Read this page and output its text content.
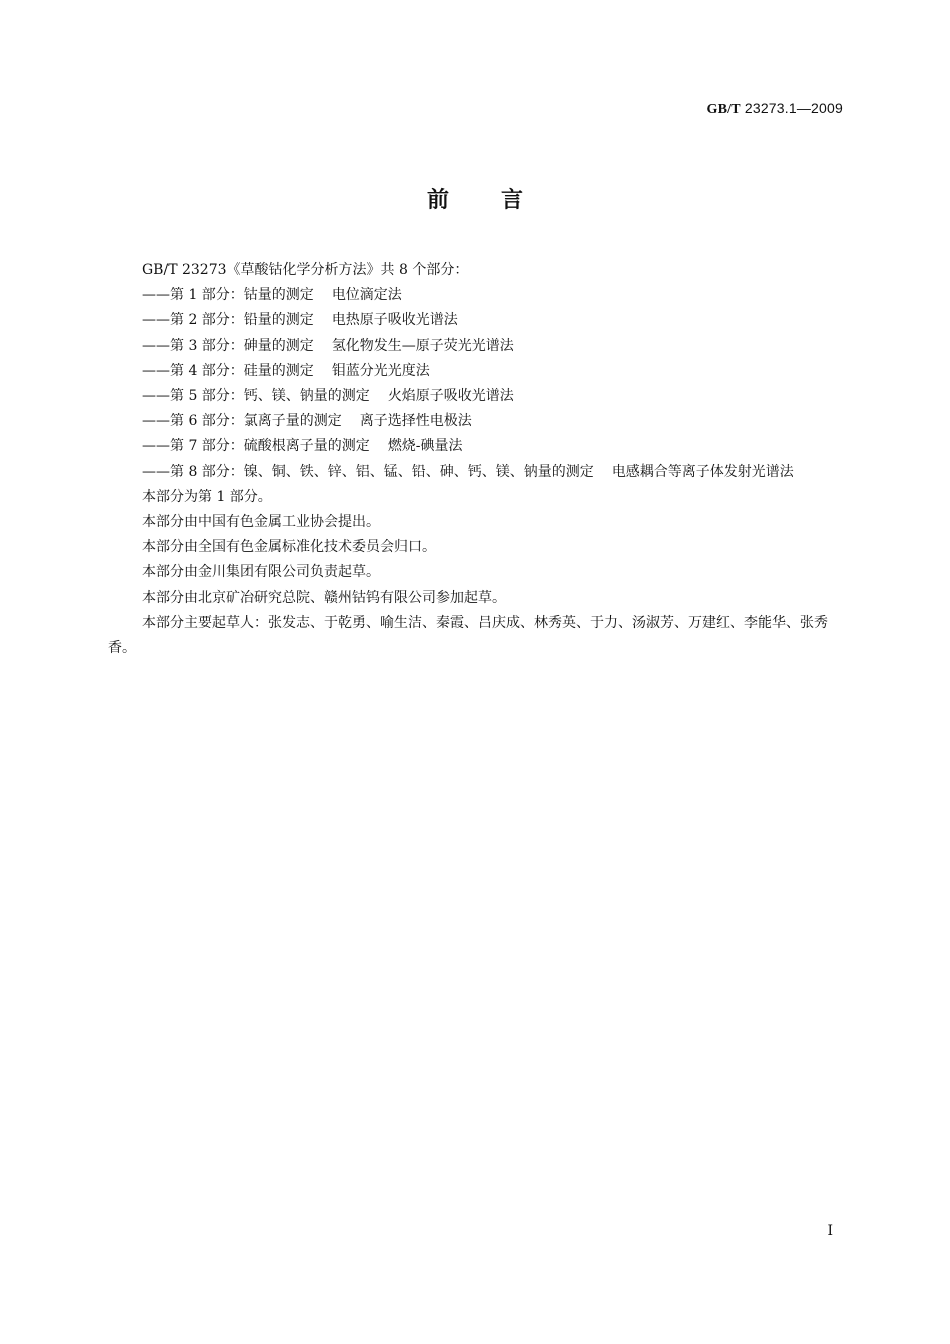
GB/T 23273.1—2009
前言
GB/T 23273《草酸钴化学分析方法》共 8 个部分：
——第 1 部分：钴量的测定 电位滴定法
——第 2 部分：铅量的测定 电热原子吸收光谱法
——第 3 部分：砷量的测定 氢化物发生—原子荧光光谱法
——第 4 部分：硅量的测定 钼蓝分光光度法
——第 5 部分：钙、镁、钠量的测定 火焰原子吸收光谱法
——第 6 部分：氯离子量的测定 离子选择性电极法
——第 7 部分：硫酸根离子量的测定 燃烧-碘量法
——第 8 部分：镍、铜、铁、锌、铝、锰、铅、砷、钙、镁、钠量的测定 电感耦合等离子体发射光谱法
本部分为第 1 部分。
本部分由中国有色金属工业协会提出。
本部分由全国有色金属标准化技术委员会归口。
本部分由金川集团有限公司负责起草。
本部分由北京矿冶研究总院、赣州钴钨有限公司参加起草。
本部分主要起草人：张发志、于乾勇、喻生洁、秦霞、吕庆成、林秀英、于力、汤淑芳、万建红、李能华、张秀香。
I
